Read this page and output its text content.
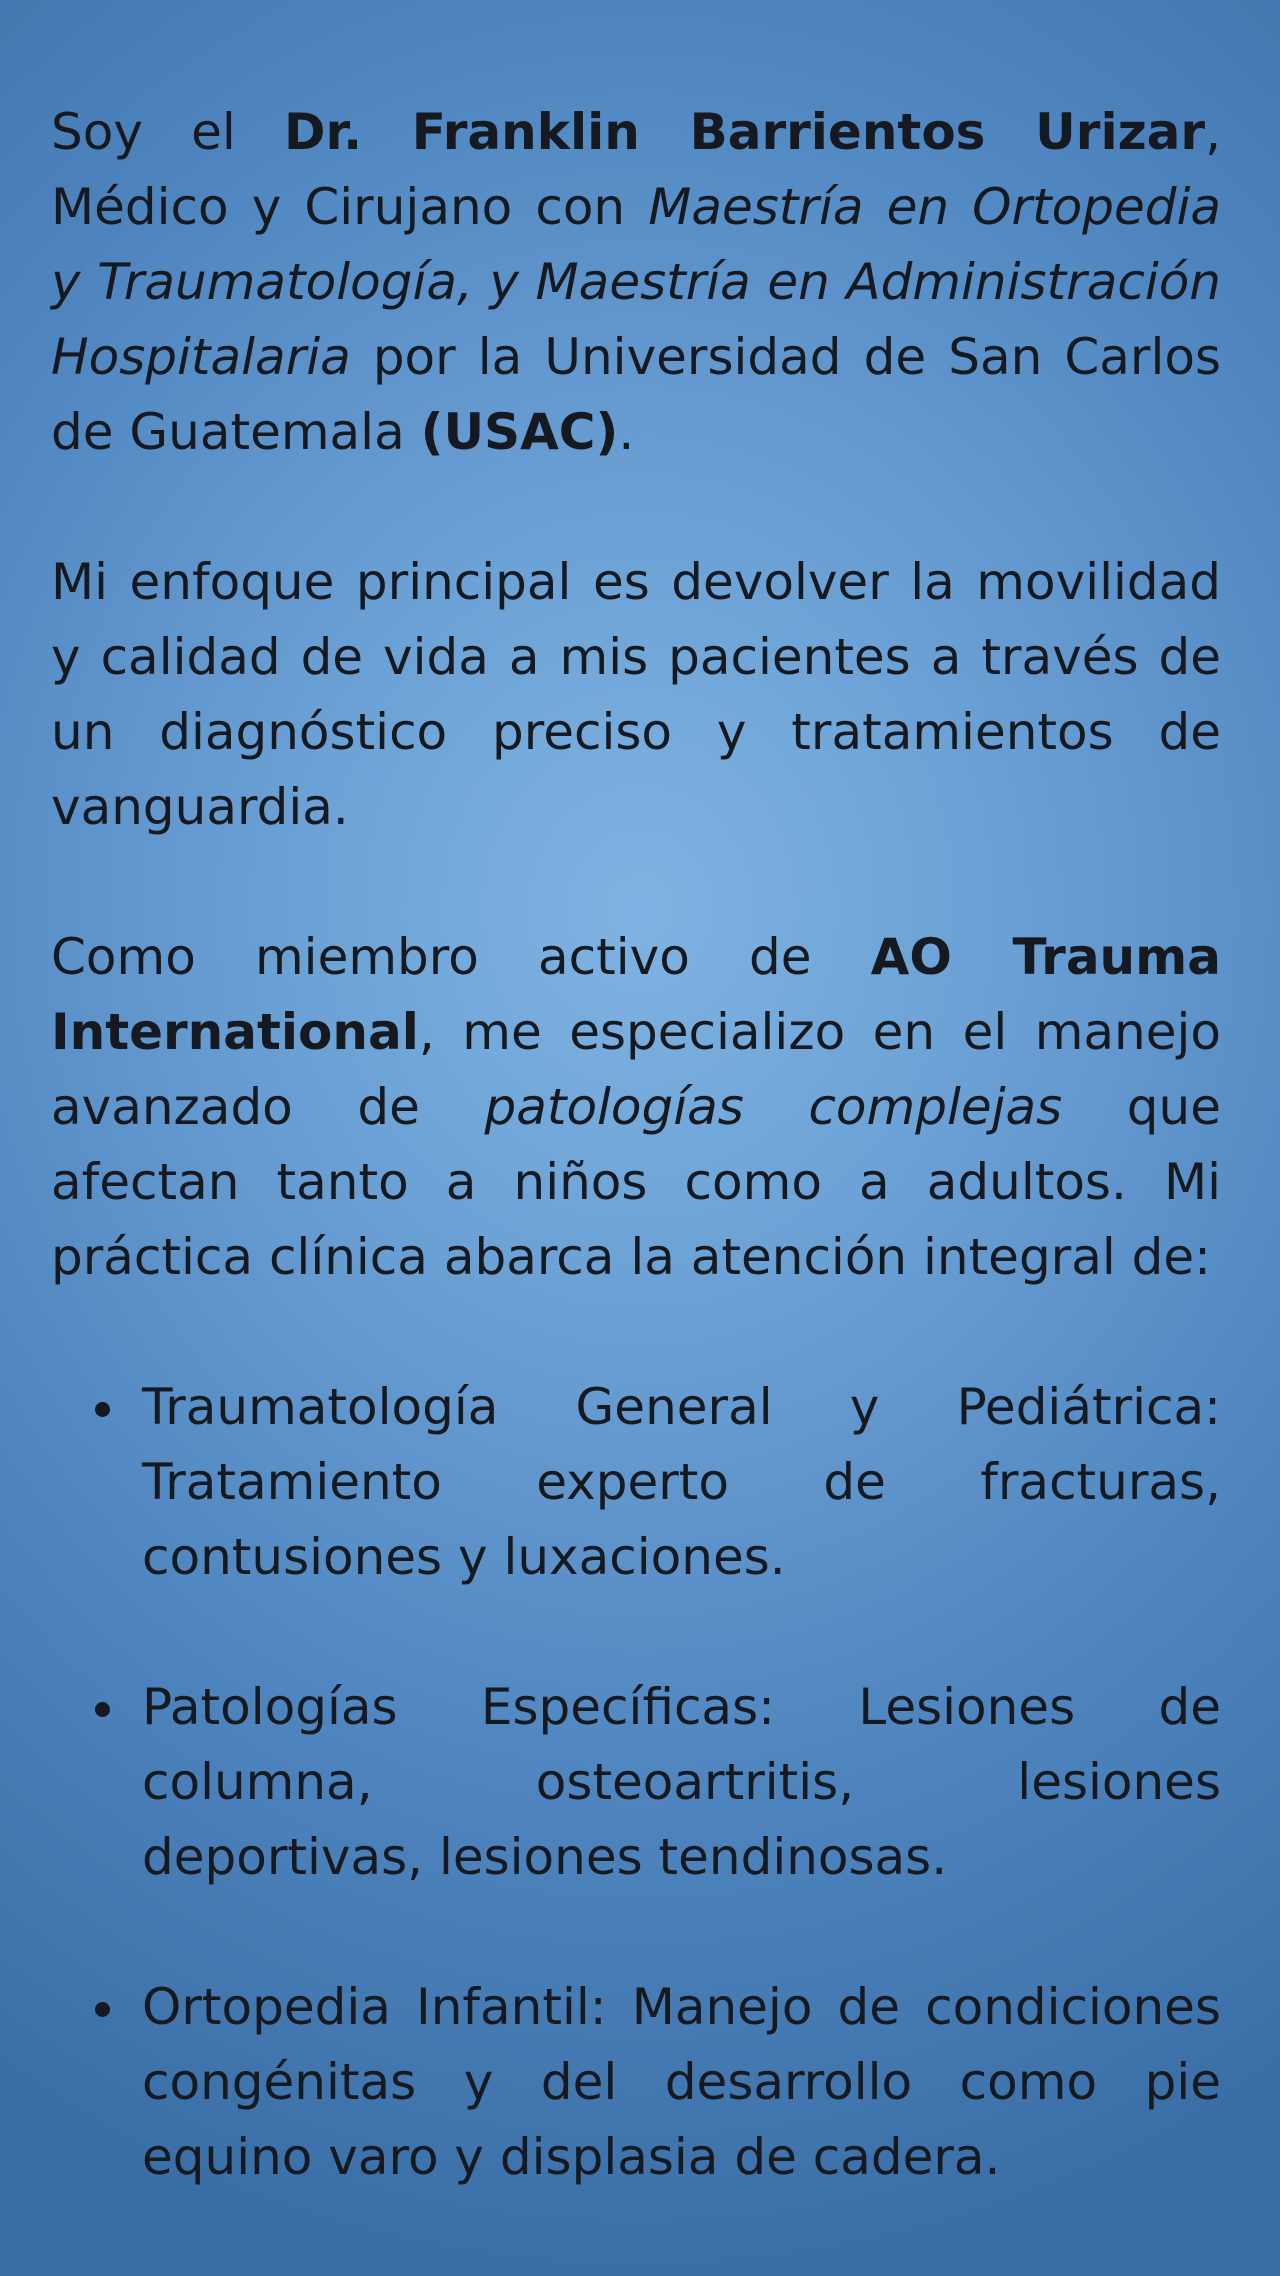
Soy el Dr. Franklin Barrientos Urizar, Médico y Cirujano con Maestría en Ortopedia y Traumatología, y Maestría en Administración Hospitalaria por la Universidad de San Carlos de Guatemala (USAC).

Mi enfoque principal es devolver la movilidad y calidad de vida a mis pacientes a través de un diagnóstico preciso y tratamientos de vanguardia.

Como miembro activo de AO Trauma International, me especializo en el manejo avanzado de patologías complejas que afectan tanto a niños como a adultos. Mi práctica clínica abarca la atención integral de:

Traumatología General y Pediátrica: Tratamiento experto de fracturas, contusiones y luxaciones.
Patologías Específicas: Lesiones de columna, osteoartritis, lesiones deportivas, lesiones tendinosas.
Ortopedia Infantil: Manejo de condiciones congénitas y del desarrollo como pie equino varo y displasia de cadera.
